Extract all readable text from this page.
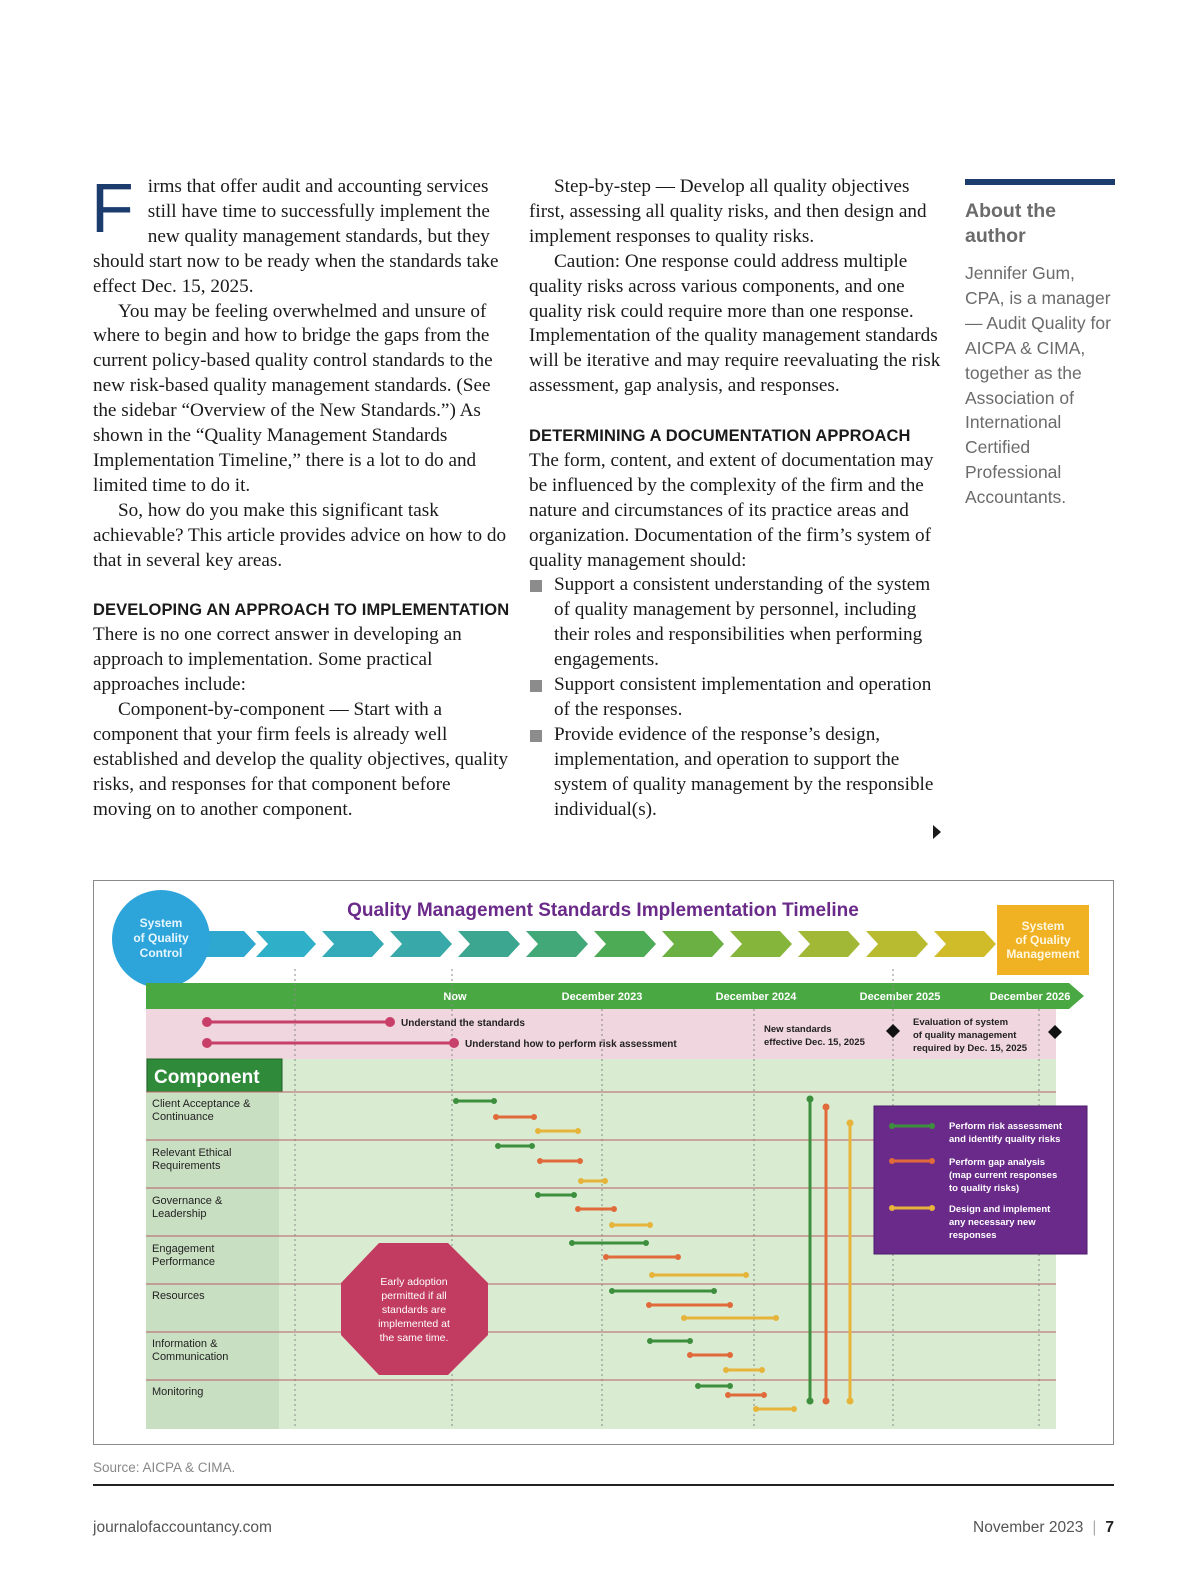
Firms that offer audit and accounting services still have time to successfully implement the new quality management standards, but they should start now to be ready when the standards take effect Dec. 15, 2025.

You may be feeling overwhelmed and unsure of where to begin and how to bridge the gaps from the current policy-based quality control standards to the new risk-based quality management standards. (See the sidebar “Overview of the New Standards.”) As shown in the “Quality Management Standards Implementation Timeline,” there is a lot to do and limited time to do it.

So, how do you make this significant task achievable? This article provides advice on how to do that in several key areas.

DEVELOPING AN APPROACH TO IMPLEMENTATION

There is no one correct answer in developing an approach to implementation. Some practical approaches include:

Component-by-component — Start with a component that your firm feels is already well established and develop the quality objectives, quality risks, and responses for that component before moving on to another component.

Step-by-step — Develop all quality objectives first, assessing all quality risks, and then design and implement responses to quality risks.

Caution: One response could address multiple quality risks across various components, and one quality risk could require more than one response. Implementation of the quality management standards will be iterative and may require reevaluating the risk assessment, gap analysis, and responses.

DETERMINING A DOCUMENTATION APPROACH

The form, content, and extent of documentation may be influenced by the complexity of the firm and the nature and circumstances of its practice areas and organization. Documentation of the firm’s system of quality management should:

Support a consistent understanding of the system of quality management by personnel, including their roles and responsibilities when performing engagements.
Support consistent implementation and operation of the responses.
Provide evidence of the response’s design, implementation, and operation to support the system of quality management by the responsible individual(s).
About the author

Jennifer Gum, CPA, is a manager — Audit Quality for AICPA & CIMA, together as the Association of International Certified Professional Accountants.

Quality Management Standards Implementation Timeline
System
of Quality
Control
System
of Quality
Management
Now	December 2023	December 2024	December 2025	December 2026
Understand the standards
Understand how to perform risk assessment
New standards
effective Dec. 15, 2025
Evaluation of system
of quality management
required by Dec. 15, 2025
Component
Client Acceptance &
Continuance
Relevant Ethical
Requirements
Governance &
Leadership
Engagement
Performance
Resources
Information &
Communication
Monitoring
Early adoption
permitted if all
standards are
implemented at
the same time.
Perform risk assessment
and identify quality risks
Perform gap analysis
(map current responses
to quality risks)
Design and implement
any necessary new
responses
Source: AICPA & CIMA.
journalofaccountancy.com	November 2023 | 7
